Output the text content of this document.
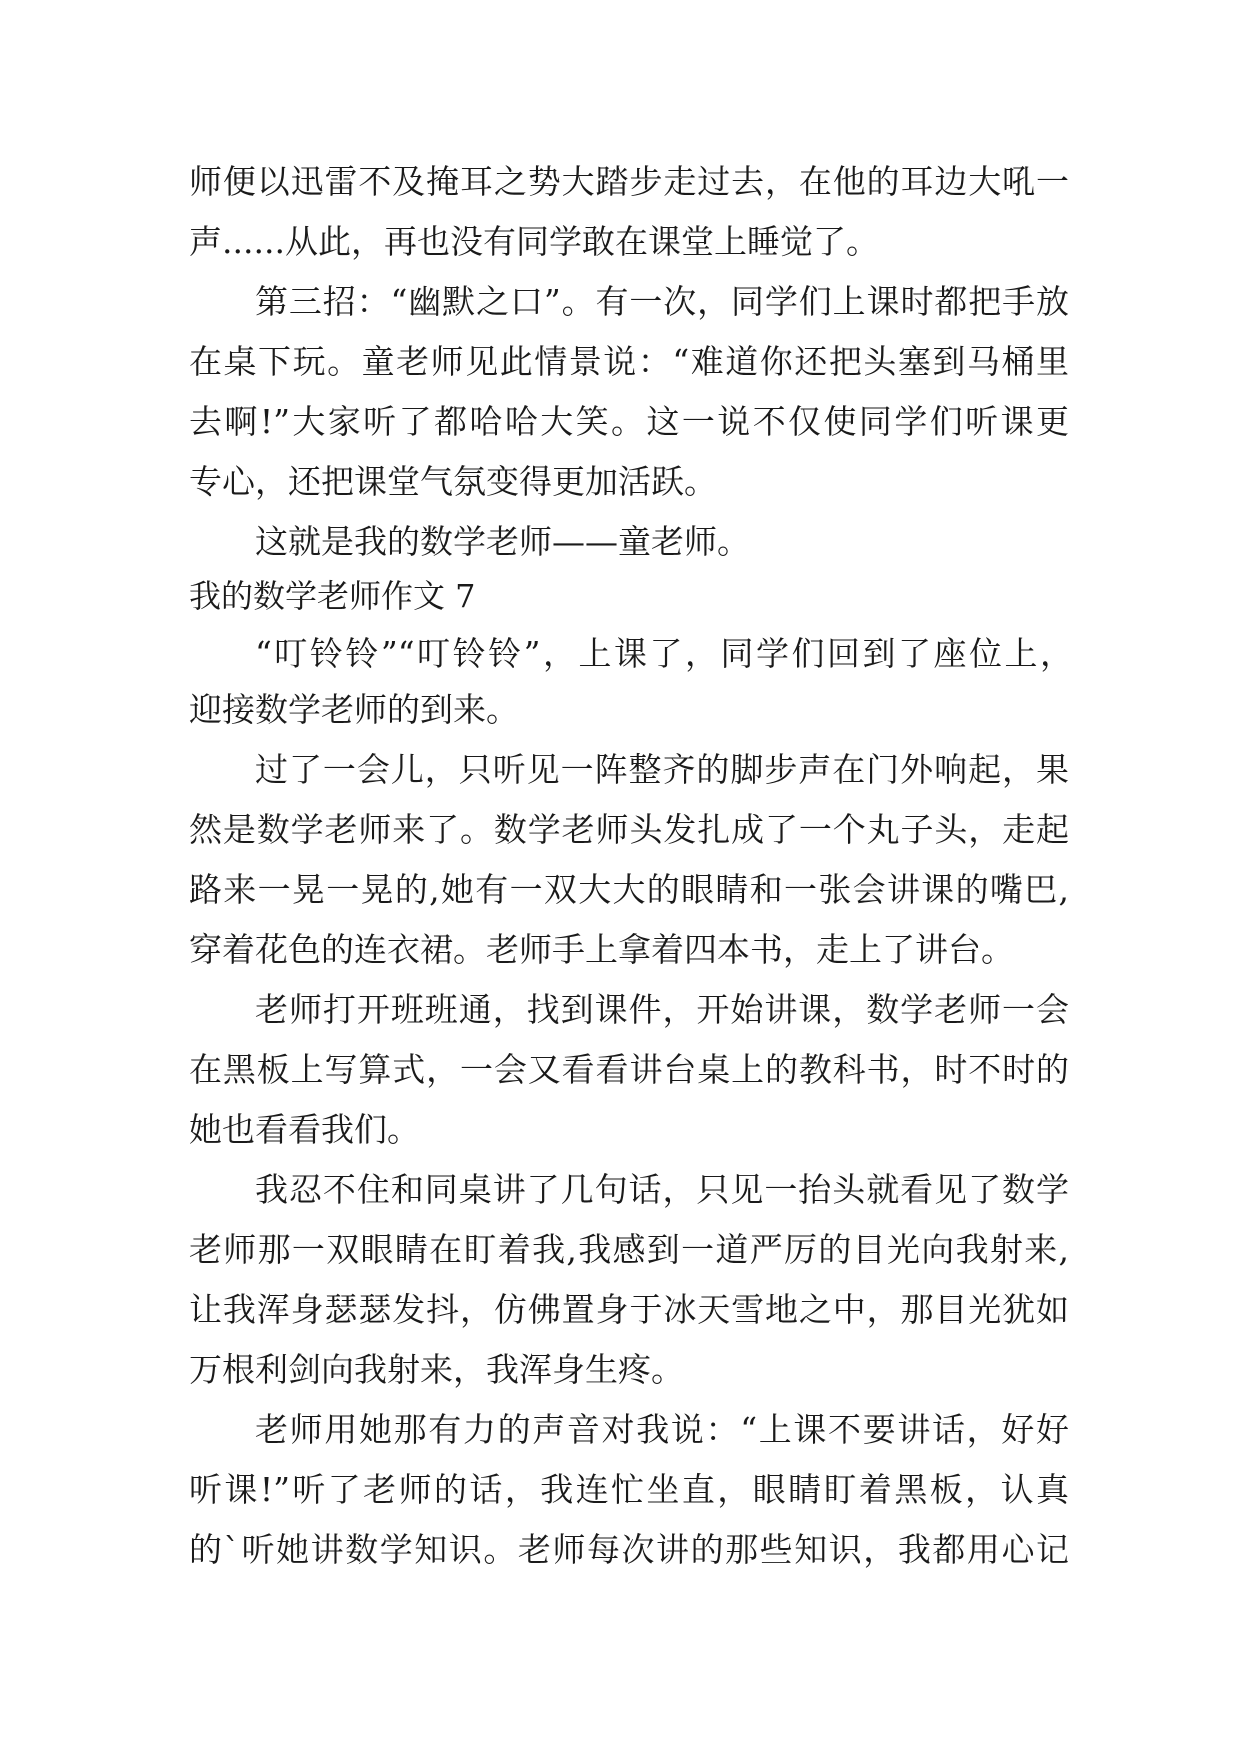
师便以迅雷不及掩耳之势大踏步走过去，在他的耳边大吼一
声......从此，再也没有同学敢在课堂上睡觉了。
第三招：“幽默之口”。有一次，同学们上课时都把手放
在桌下玩。童老师见此情景说：“难道你还把头塞到马桶里
去啊!”大家听了都哈哈大笑。这一说不仅使同学们听课更
专心，还把课堂气氛变得更加活跃。
这就是我的数学老师——童老师。
我的数学老师作文 7
“叮铃铃”“叮铃铃”，上课了，同学们回到了座位上，
迎接数学老师的到来。
过了一会儿，只听见一阵整齐的脚步声在门外响起，果
然是数学老师来了。数学老师头发扎成了一个丸子头，走起
路来一晃一晃的,她有一双大大的眼睛和一张会讲课的嘴巴,
穿着花色的连衣裙。老师手上拿着四本书，走上了讲台。
老师打开班班通，找到课件，开始讲课，数学老师一会
在黑板上写算式，一会又看看讲台桌上的教科书，时不时的
她也看看我们。
我忍不住和同桌讲了几句话，只见一抬头就看见了数学
老师那一双眼睛在盯着我,我感到一道严厉的目光向我射来,
让我浑身瑟瑟发抖，仿佛置身于冰天雪地之中，那目光犹如
万根利剑向我射来，我浑身生疼。
老师用她那有力的声音对我说：“上课不要讲话，好好
听课!”听了老师的话，我连忙坐直，眼睛盯着黑板，认真
的`听她讲数学知识。老师每次讲的那些知识，我都用心记
